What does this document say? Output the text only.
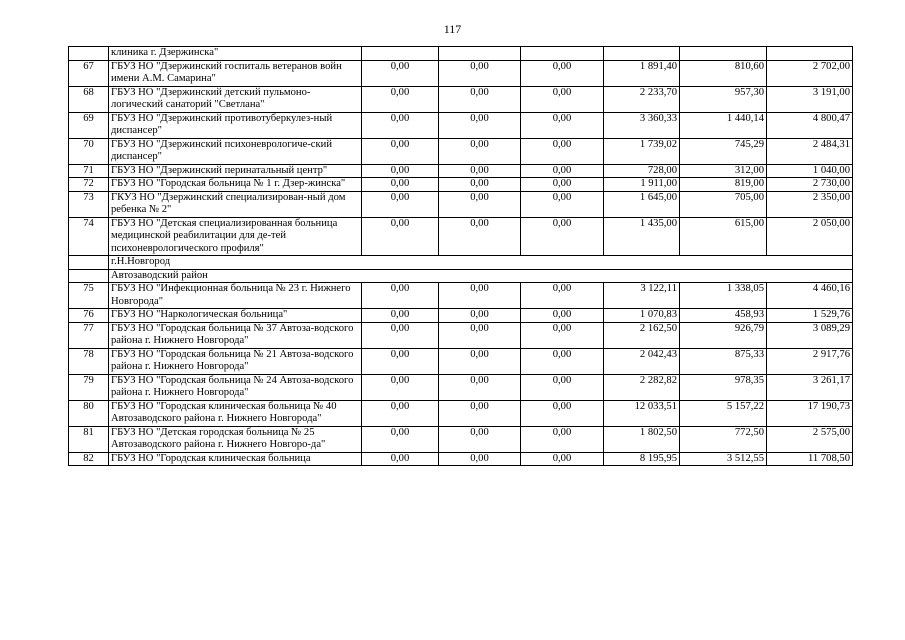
117
	клиника г. Дзержинска"						
67	ГБУЗ НО "Дзержинский госпиталь ветеранов войн имени А.М. Самарина"	0,00	0,00	0,00	1 891,40	810,60	2 702,00
68	ГБУЗ НО "Дзержинский детский пульмоно-логический санаторий "Светлана"	0,00	0,00	0,00	2 233,70	957,30	3 191,00
69	ГБУЗ НО "Дзержинский противотуберкулез-ный диспансер"	0,00	0,00	0,00	3 360,33	1 440,14	4 800,47
70	ГБУЗ НО "Дзержинский психоневрологиче-ский диспансер"	0,00	0,00	0,00	1 739,02	745,29	2 484,31
71	ГБУЗ НО "Дзержинский перинатальный центр"	0,00	0,00	0,00	728,00	312,00	1 040,00
72	ГБУЗ НО "Городская больница № 1 г. Дзер-жинска"	0,00	0,00	0,00	1 911,00	819,00	2 730,00
73	ГКУЗ НО "Дзержинский специализирован-ный дом ребенка № 2"	0,00	0,00	0,00	1 645,00	705,00	2 350,00
74	ГБУЗ НО "Детская специализированная больница медицинской реабилитации для де-тей психоневрологического профиля"	0,00	0,00	0,00	1 435,00	615,00	2 050,00
	г.Н.Новгород						
	Автозаводский район						
75	ГБУЗ НО "Инфекционная больница № 23 г. Нижнего Новгорода"	0,00	0,00	0,00	3 122,11	1 338,05	4 460,16
76	ГБУЗ НО "Наркологическая больница"	0,00	0,00	0,00	1 070,83	458,93	1 529,76
77	ГБУЗ НО "Городская больница № 37 Автоза-водского района г. Нижнего Новгорода"	0,00	0,00	0,00	2 162,50	926,79	3 089,29
78	ГБУЗ НО "Городская больница № 21 Автоза-водского района г. Нижнего Новгорода"	0,00	0,00	0,00	2 042,43	875,33	2 917,76
79	ГБУЗ НО "Городская больница № 24 Автоза-водского района г. Нижнего Новгорода"	0,00	0,00	0,00	2 282,82	978,35	3 261,17
80	ГБУЗ НО "Городская клиническая больница № 40 Автозаводского района г. Нижнего Новгорода"	0,00	0,00	0,00	12 033,51	5 157,22	17 190,73
81	ГБУЗ НО "Детская городская больница № 25 Автозаводского района г. Нижнего Новгоро-да"	0,00	0,00	0,00	1 802,50	772,50	2 575,00
82	ГБУЗ НО "Городская клиническая больница	0,00	0,00	0,00	8 195,95	3 512,55	11 708,50
